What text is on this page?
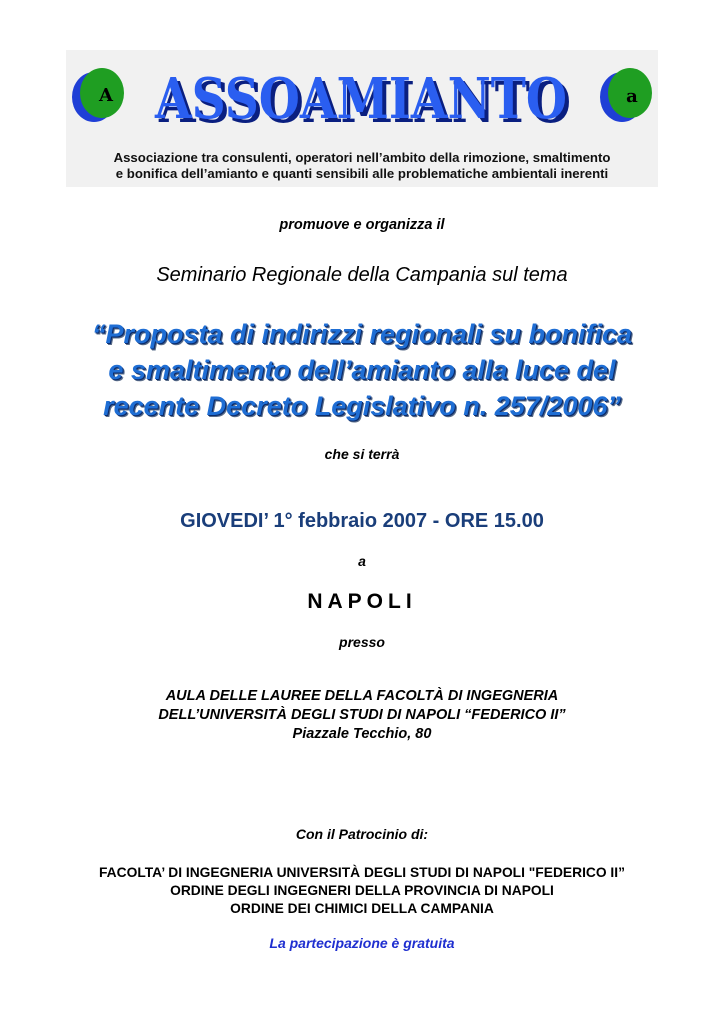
A ASSOAMIANTO
ASSOAMIANTO	a
Associazione tra consulenti, operatori nell’ambito della rimozione, smaltimento
e bonifica dell’amianto e quanti sensibili alle problematiche ambientali inerenti
promuove e organizza il
Seminario Regionale della Campania sul tema
“Proposta di indirizzi regionali su bonifica
e smaltimento dell’amianto alla luce del
recente Decreto Legislativo n. 257/2006”
che si terrà
GIOVEDI’ 1° febbraio 2007 - ORE 15.00
a
NAPOLI
presso
AULA DELLE LAUREE DELLA FACOLTÀ DI INGEGNERIA
DELL’UNIVERSITÀ DEGLI STUDI DI NAPOLI “FEDERICO II”
Piazzale Tecchio, 80
Con il Patrocinio di:
FACOLTA’ DI INGEGNERIA UNIVERSITÀ DEGLI STUDI DI NAPOLI "FEDERICO II”
ORDINE DEGLI INGEGNERI DELLA PROVINCIA DI NAPOLI
ORDINE DEI CHIMICI DELLA CAMPANIA
La partecipazione è gratuita
